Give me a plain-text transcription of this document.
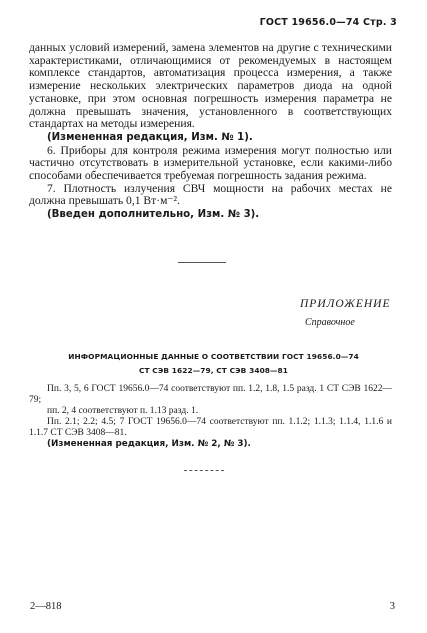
ГОСТ 19656.0—74 Стр. 3

данных условий измерений, замена элементов на другие с техническими характеристиками, отличающимися от рекомендуемых в настоящем комплексе стандартов, автоматизация процесса измерения, а также измерение нескольких электрических параметров диода на одной установке, при этом основная погрешность измерения параметра не должна превышать значения, установленного в соответствующих стандартах на методы измерения.

(Измененная редакция, Изм. № 1).

6. Приборы для контроля режима измерения могут полностью или частично отсутствовать в измерительной установке, если какими-либо способами обеспечивается требуемая погрешность задания режима.

7. Плотность излучения СВЧ мощности на рабочих местах не должна превышать 0,1 Вт·м⁻².

(Введен дополнительно, Изм. № 3).

ПРИЛОЖЕНИЕ
Справочное
ИНФОРМАЦИОННЫЕ ДАННЫЕ О СООТВЕТСТВИИ ГОСТ 19656.0—74
СТ СЭВ 1622—79, СТ СЭВ 3408—81

Пп. 3, 5, 6 ГОСТ 19656.0—74 соответствуют пп. 1.2, 1.8, 1.5 разд. 1 СТ СЭВ 1622—79;

пп. 2, 4 соответствуют п. 1.13 разд. 1.

Пп. 2.1; 2.2; 4.5; 7 ГОСТ 19656.0—74 соответствуют пп. 1.1.2; 1.1.3; 1.1.4, 1.1.6 и 1.1.7 СТ СЭВ 3408—81.

(Измененная редакция, Изм. № 2, № 3).

2—818	3
